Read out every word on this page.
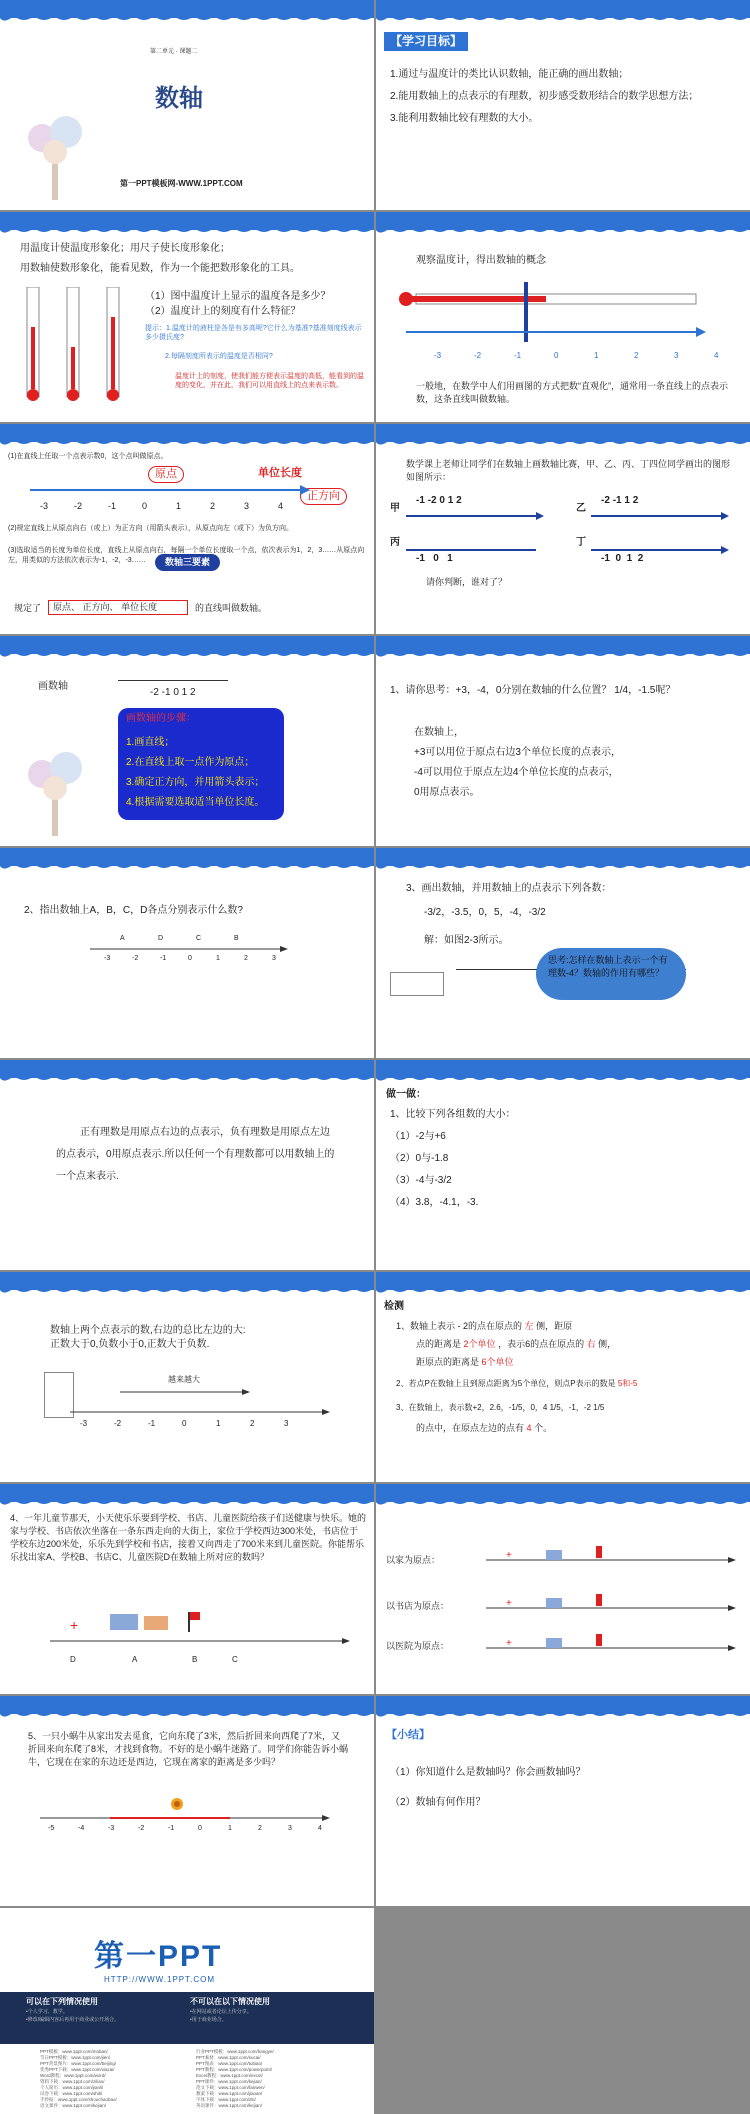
第二单元 · 课题二
数轴
第一PPT模板网-WWW.1PPT.COM
【学习目标】
1.通过与温度计的类比认识数轴，能正确的画出数轴；
2.能用数轴上的点表示的有理数，初步感受数形结合的数学思想方法；
3.能利用数轴比较有理数的大小。
用温度计使温度形象化；用尺子使长度形象化；
用数轴使数形象化，能看见数，作为一个能把数形象化的工具。
（1）图中温度计上显示的温度各是多少？
（2）温度计上的刻度有什么特征？
提示：1.温度计的液柱是各是有多高呢?它什么为基准?基准刻度线表示多少摄氏度?
2.每隔刻度所表示的温度是否相同?
温度计上的刻度，使我们能方便表示温度的高低，能看到的温度的变化，并在此，我们可以用直线上的点来表示数。
观察温度计，得出数轴的概念
一般地，在数学中人们用画图的方式把数“直观化”，通常用一条直线上的点表示数，这条直线叫做数轴。
-3	-2	-1	0	1	2	3	4
(1)在直线上任取一个点表示数0，这个点叫做原点。
原点	单位长度
正方向
(2)规定直线上从原点向右（或上）为正方向（用箭头表示），从原点向左（或下）为负方向。
(3)选取适当的长度为单位长度，直线上从原点向右，每隔一个单位长度取一个点，依次表示为1，2，3……从原点向左，用类似的方法依次表示为-1，-2，-3……	数轴三要素
规定了	原点、 正方向、 单位长度	的直线叫做数轴。
-3	-2	-1	0	1	2	3	4
数学课上老师让同学们在数轴上画数轴比赛，甲、乙、丙、丁四位同学画出的图形如图所示：
甲	乙
丙	丁
-1 -2 0 1 2	-2 -1 1 2
-1 0 1	-1 0 1 2
请你判断，谁对了？
画数轴
-2 -1 0 1 2
画数轴的步骤：
1.画直线；
2.在直线上取一点作为原点；
3.确定正方向，并用箭头表示；
4.根据需要选取适当单位长度。
1、请你思考：+3，-4，0分别在数轴的什么位置？ 1/4，-1.5呢？
在数轴上，
+3可以用位于原点右边3个单位长度的点表示，
-4可以用位于原点左边4个单位长度的点表示，
0用原点表示。
2、指出数轴上A，B，C，D各点分别表示什么数?
A	D	C	B
-3	-2	-1	0	1	2	3
3、画出数轴，并用数轴上的点表示下列各数：
-3/2，-3.5，0，5，-4，-3/2
解：如图2-3所示。
思考:怎样在数轴上表示一个有理数-4？数轴的作用有哪些？
正有理数是用原点右边的点表示，负有理数是用原点左边的点表示，0用原点表示.所以任何一个有理数都可以用数轴上的一个点来表示.
做一做：
1、比较下列各组数的大小：
（1）-2与+6
（2）0与-1.8
（3）-4与-3/2
（4）3.8，-4.1，-3.
数轴上两个点表示的数,右边的总比左边的大:
正数大于0,负数小于0,正数大于负数.
越来越大
-3	-2	-1	0	1	2	3
检测
1、数轴上表示 - 2的点在原点的 左 侧，距原
点的距离是 2个单位 ，表示6的点在原点的 右 侧，
距原点的距离是 6个单位
2、若点P在数轴上且到原点距离为5个单位，则点P表示的数是 5和-5
3、在数轴上，表示数+2，2.6，-1/5，0，4 1/5，-1，-2 1/5
的点中，在原点左边的点有 4 个。
4、一年儿童节那天，小天使乐乐要到学校、书店、儿童医院给孩子们送健康与快乐。她的家与学校、书店依次坐落在一条东西走向的大街上，家位于学校西边300米处，书店位于学校东边200米处，乐乐先到学校和书店，接着又向西走了700米来到儿童医院。你能帮乐乐找出家A、学校B、书店C、儿童医院D在数轴上所对应的数吗？
+
D	A	B	C
以家为原点：
以书店为原点：
以医院为原点：
+
+
+
5、一只小蜗牛从家出发去觅食，它向东爬了3米，然后折回来向西爬了7米，又折回来向东爬了8米，才找到食物。不好的是小蜗牛迷路了。同学们你能告诉小蜗牛，它现在在家的东边还是西边，它现在离家的距离是多少吗？
-5	-4	-3	-2	-1	0	1	2	3	4
【小结】
（1）你知道什么是数轴吗？你会画数轴吗？
（2）数轴有何作用？
第一PPT
HTTP://WWW.1PPT.COM
可以在下列情况使用
•个人学习、教学。
•修改/编辑内容后再用于商业或公开场合。
不可以在以下情况使用
•在网站或者论坛上传分享。
•用于商业场合。
PPT模板：www.1ppt.com/moban/
节日PPT模板：www.1ppt.com/jieri/
PPT背景图片：www.1ppt.com/beijing/
优秀PPT下载：www.1ppt.com/xiazai/
Word教程：www.1ppt.com/word/
资料下载：www.1ppt.com/ziliao/
个人简历：www.1ppt.com/jianli/
试卷下载：www.1ppt.com/shiti/
手抄报：www.1ppt.com/shouchaobao/
语文课件：www.1ppt.com/kejian/
行业PPT模板：www.1ppt.com/hangye/
PPT素材：www.1ppt.com/sucai/
PPT图表：www.1ppt.com/tubiao/
PPT教程：www.1ppt.com/powerpoint/
Excel教程：www.1ppt.com/excel/
PPT课件：www.1ppt.com/kejian/
范文下载：www.1ppt.com/fanwen/
教案下载：www.1ppt.com/jiaoan/
字体下载：www.1ppt.com/ziti/
英语课件：www.1ppt.com/kejian/
